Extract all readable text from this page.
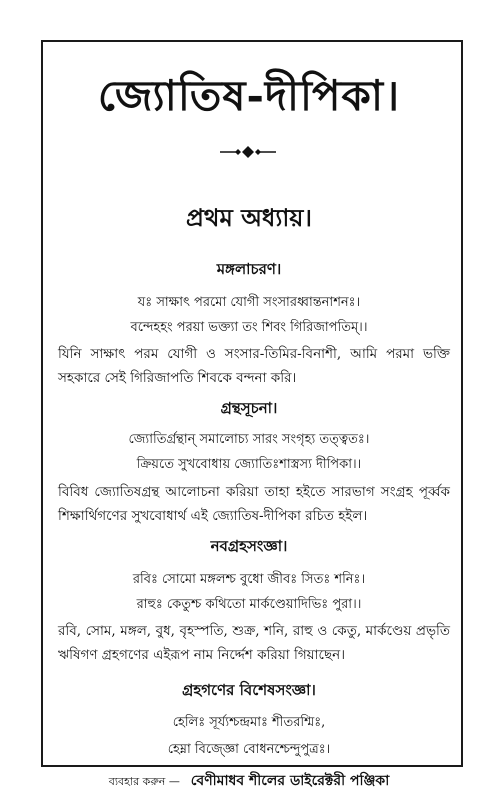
জ্যোতিষ-দীপিকা।
প্রথম অধ্যায়।
মঙ্গলাচরণ।
যঃ সাক্ষাৎ পরমো যোগী সংসারধ্বান্তনাশনঃ।
বন্দেহহং পরয়া ভক্ত্যা তং শিবং গিরিজাপতিম্।।
যিনি সাক্ষাৎ পরম যোগী ও সংসার-তিমির-বিনাশী, আমি পরমা ভক্তি সহকারে সেই গিরিজাপতি শিবকে বন্দনা করি।
গ্রন্থসূচনা।
জ্যোতির্গ্রন্থান্ সমালোচ্য সারং সংগৃহ্য তত্ত্বতঃ।
ক্রিয়তে সুখবোধায় জ্যোতিঃশাস্ত্রস্য দীপিকা।।
বিবিধ জ্যোতিষগ্রন্থ আলোচনা করিয়া তাহা হইতে সারভাগ সংগ্রহ পূর্ব্বক শিক্ষার্থিগণের সুখবোধার্থ এই জ্যোতিষ-দীপিকা রচিত হইল।
নবগ্রহসংজ্ঞা।
রবিঃ সোমো মঙ্গলশ্চ বুধো জীবঃ সিতঃ শনিঃ।
রাহুঃ কেতুশ্চ কথিতো মার্কণ্ডেয়াদিভিঃ পুরা।।
রবি, সোম, মঙ্গল, বুধ, বৃহস্পতি, শুক্র, শনি, রাহু ও কেতু, মার্কণ্ডেয় প্রভৃতি ঋষিগণ গ্রহগণের এইরূপ নাম নির্দ্দেশ করিয়া গিয়াছেন।
গ্রহগণের বিশেষসংজ্ঞা।
হেলিঃ সূর্য্যশ্চন্দ্রমাঃ শীতরশ্মিঃ,
হেম্না বিজ্জ্ঞো বোধনশ্চেন্দুপুত্রঃ।
ব্যবহার করুন — বেণীমাধব শীলের ডাইরেক্টরী পঞ্জিকা
